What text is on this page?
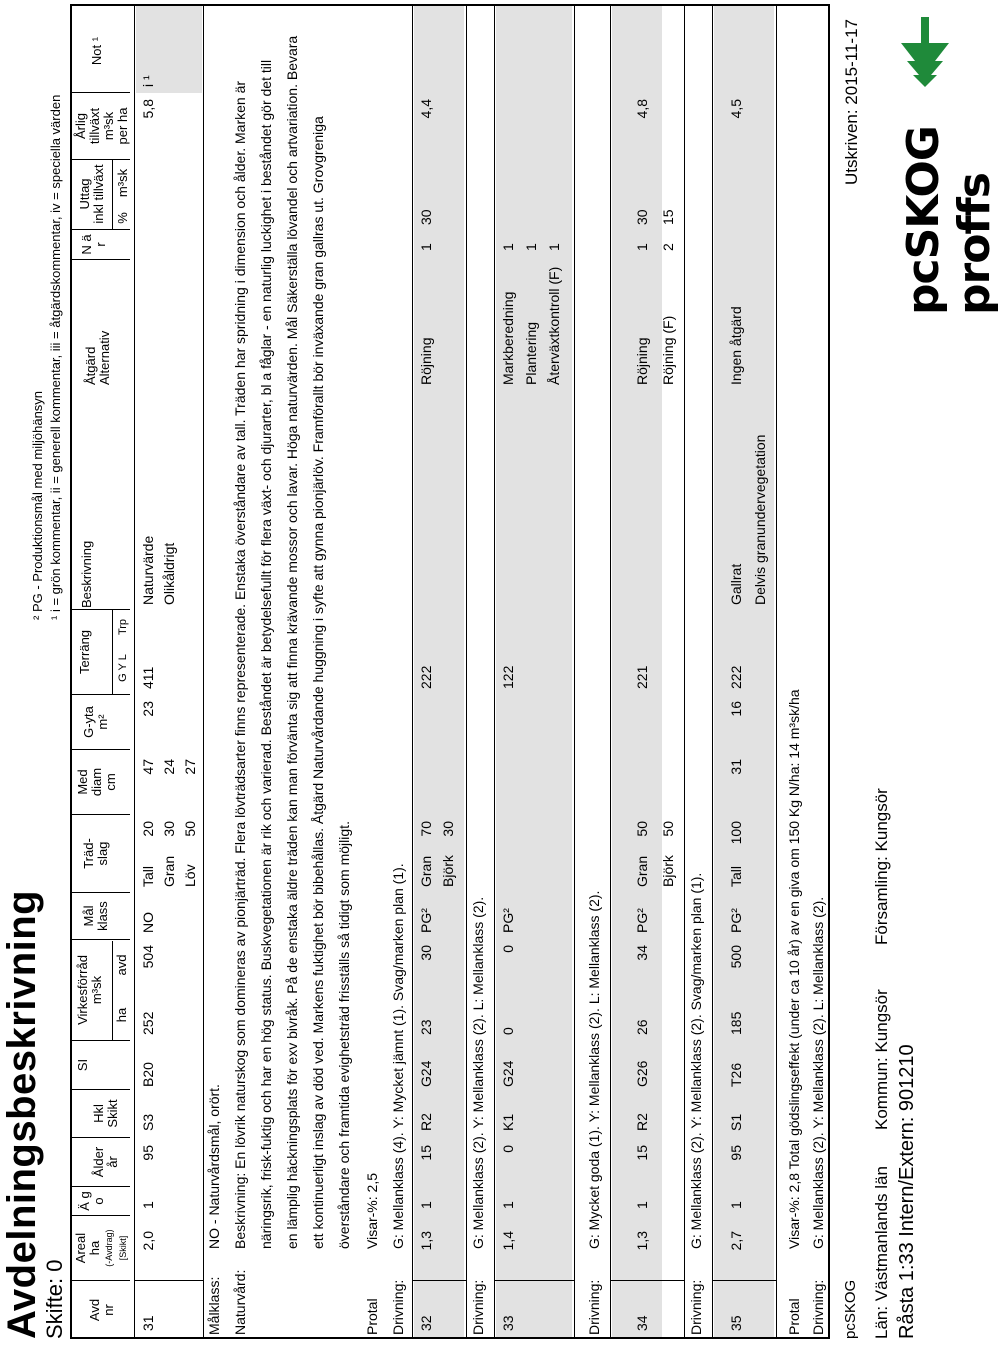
Avdelningsbeskrivning
Skifte: 0
² PG - Produktionsmål med miljöhänsyn ¹ i = grön kommentar, ii = generell kommentar, iii = åtgärdskommentar, iv = speciella värden
Avd nr
Areal ha (-Avdrag) [Skikt]
Ä g o
Ålder år
Hkl Skikt
SI
Virkesförråd m³sk
ha
avd
Mål klass
Träd- slag
Med diam cm
G-yta m²
Terräng G Y L
Trp
Beskrivning
Åtgärd Alternativ
N ä r
Uttag inkl tillväxt %
m³sk
Årlig tillväxt m³sk per ha
Not ¹
31
2,0
1
95
S3
B20
252
504
NO
Tall Gran Löv
20 30 50
47 24 27
23
411
Naturvärde Olikåldrigt
5,8
i ¹
Målklass:
NO - Naturvårdsmål, orört.
Naturvård:
Beskrivning: En lövrik naturskog som domineras av pionjärträd. Flera lövträdsarter finns representerade. Enstaka överståndare av tall. Träden har spridning i dimension och ålder. Marken är näringsrik, frisk-fuktig och har en hög status. Buskvegetationen är rik och varierad. Beståndet är betydelsefullt för flera växt- och djurarter, bl a fåglar - en naturlig luckighet i beståndet gör det till en lämplig häckningsplats för exv bivråk. På de enstaka äldre träden kan man förvänta sig att finna krävande mossor och lavar. Höga naturvärden. Mål Säkerställa lövandel och artvariation. Bevara ett kontinuerligt inslag av död ved. Markens fuktighet bör bibehållas. Åtgärd Naturvårdande huggning i syfte att gynna pionjärlöv. Framförallt bör inväxande gran gallras ut. Grovgreniga överståndare och framtida evighetsträd frisställs så tidigt som möjligt.
Protal
Visar-%: 2,5
Drivning:
G: Mellanklass (4). Y: Mycket jämnt (1). Svag/marken plan (1).
32
1,3
1
15
R2
G24
23
30
PG²
Gran Björk
70 30
222
Röjning
1
30
4,4
Drivning:
G: Mellanklass (2). Y: Mellanklass (2). L: Mellanklass (2).
33
1,4
1
0
K1
G24
0
0
PG²
122
Markberedning Plantering Återväxtkontroll (F)
1 1 1
Drivning:
G: Mycket goda (1). Y: Mellanklass (2). L: Mellanklass (2).
34
1,3
1
15
R2
G26
26
34
PG²
Gran Björk
50 50
221
Röjning Röjning (F)
1 2
30 15
4,8
Drivning:
G: Mellanklass (2). Y: Mellanklass (2). Svag/marken plan (1).
35
2,7
1
95
S1
T26
185
500
PG²
Tall
100
31
16
222
Gallrat Delvis granundervegetation
Ingen åtgärd
4,5
Protal
Visar-%: 2,8 Total gödslingseffekt (under ca 10 år) av en giva om 150 Kg N/ha: 14 m³sk/ha
Drivning:
G: Mellanklass (2). Y: Mellanklass (2). L: Mellanklass (2).
pcSKOG
Utskriven: 2015-11-17
Län: Västmanlands län
Kommun: Kungsör
Församling: Kungsör
Råsta 1:33 Intern/Extern: 901210
pcSKOG proffs
